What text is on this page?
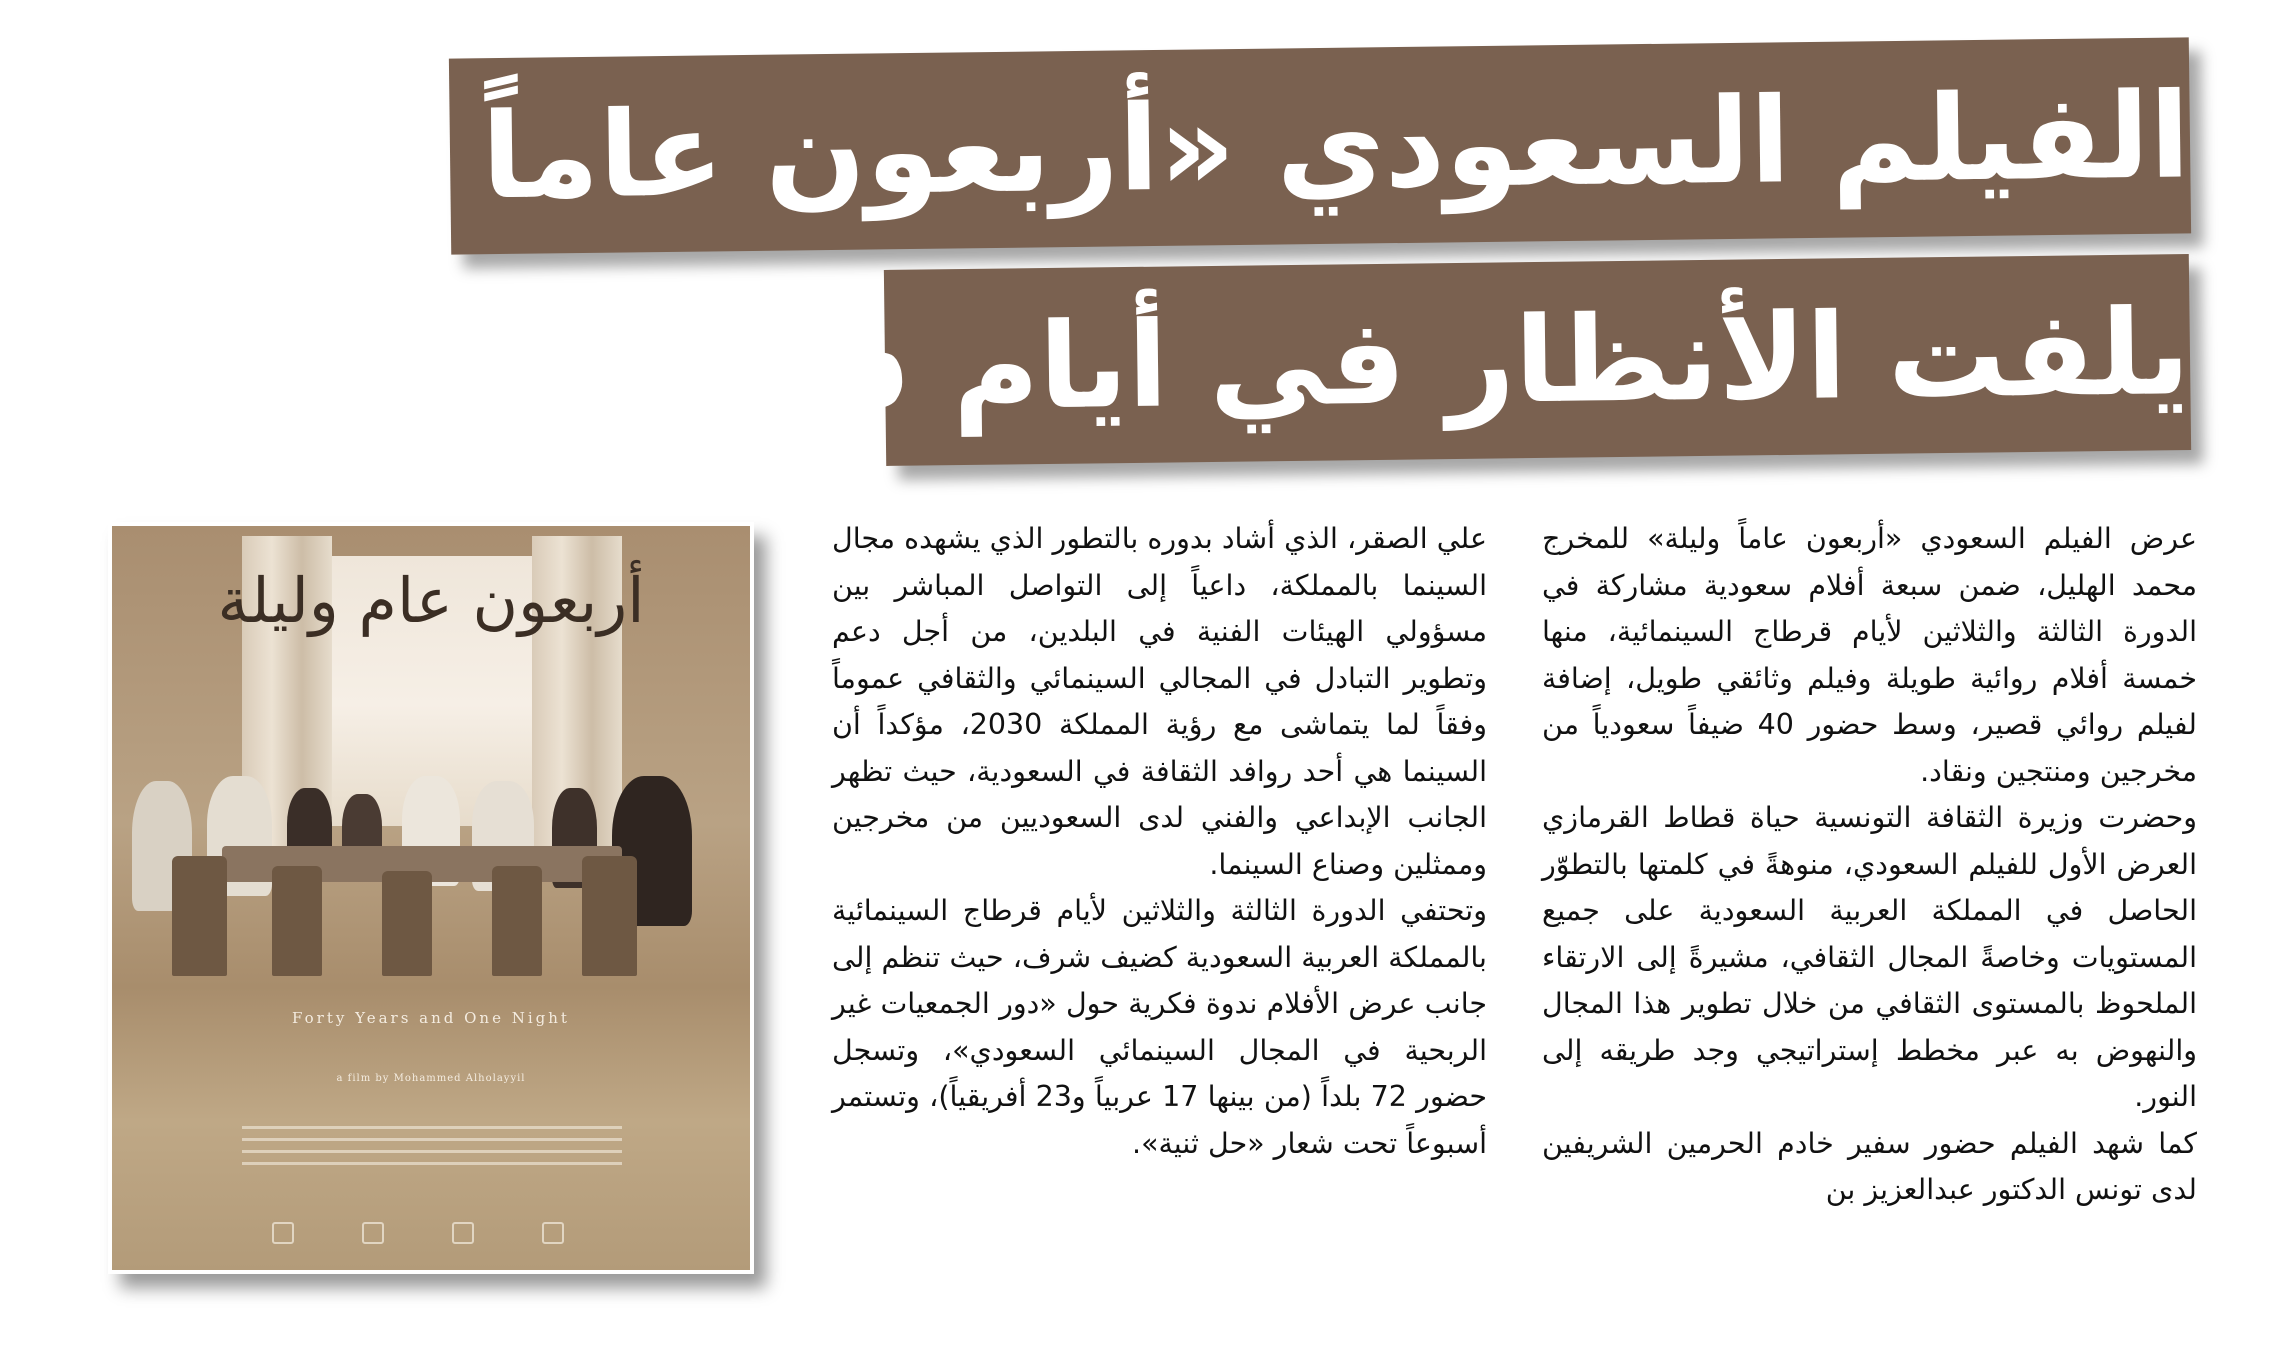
الفيلم السعودي «أربعون عاماً وليلة»
يلفت الأنظار في أيام قرطاج

عرض الفيلم السعودي «أربعون عاماً وليلة» للمخرج محمد الهليل، ضمن سبعة أفلام سعودية مشاركة في الدورة الثالثة والثلاثين لأيام قرطاج السينمائية، منها خمسة أفلام روائية طويلة وفيلم وثائقي طويل، إضافة لفيلم روائي قصير، وسط حضور 40 ضيفاً سعودياً من مخرجين ومنتجين ونقاد.

وحضرت وزيرة الثقافة التونسية حياة قطاط القرمازي العرض الأول للفيلم السعودي، منوهةً في كلمتها بالتطوّر الحاصل في المملكة العربية السعودية على جميع المستويات وخاصةً المجال الثقافي، مشيرةً إلى الارتقاء الملحوظ بالمستوى الثقافي من خلال تطوير هذا المجال والنهوض به عبر مخطط إستراتيجي وجد طريقه إلى النور.

كما شهد الفيلم حضور سفير خادم الحرمين الشريفين لدى تونس الدكتور عبدالعزيز بن

علي الصقر، الذي أشاد بدوره بالتطور الذي يشهده مجال السينما بالمملكة، داعياً إلى التواصل المباشر بين مسؤولي الهيئات الفنية في البلدين، من أجل دعم وتطوير التبادل في المجالي السينمائي والثقافي عموماً وفقاً لما يتماشى مع رؤية المملكة 2030، مؤكداً أن السينما هي أحد روافد الثقافة في السعودية، حيث تظهر الجانب الإبداعي والفني لدى السعوديين من مخرجين وممثلين وصناع السينما.

وتحتفي الدورة الثالثة والثلاثين لأيام قرطاج السينمائية بالمملكة العربية السعودية كضيف شرف، حيث تنظم إلى جانب عرض الأفلام ندوة فكرية حول «دور الجمعيات غير الربحية في المجال السينمائي السعودي»، وتسجل حضور 72 بلداً (من بينها 17 عربياً و23 أفريقياً)، وتستمر أسبوعاً تحت شعار «حل ثنية».

أربعون عام وليلة
Forty Years and One Night
a film by Mohammed Alholayyil
